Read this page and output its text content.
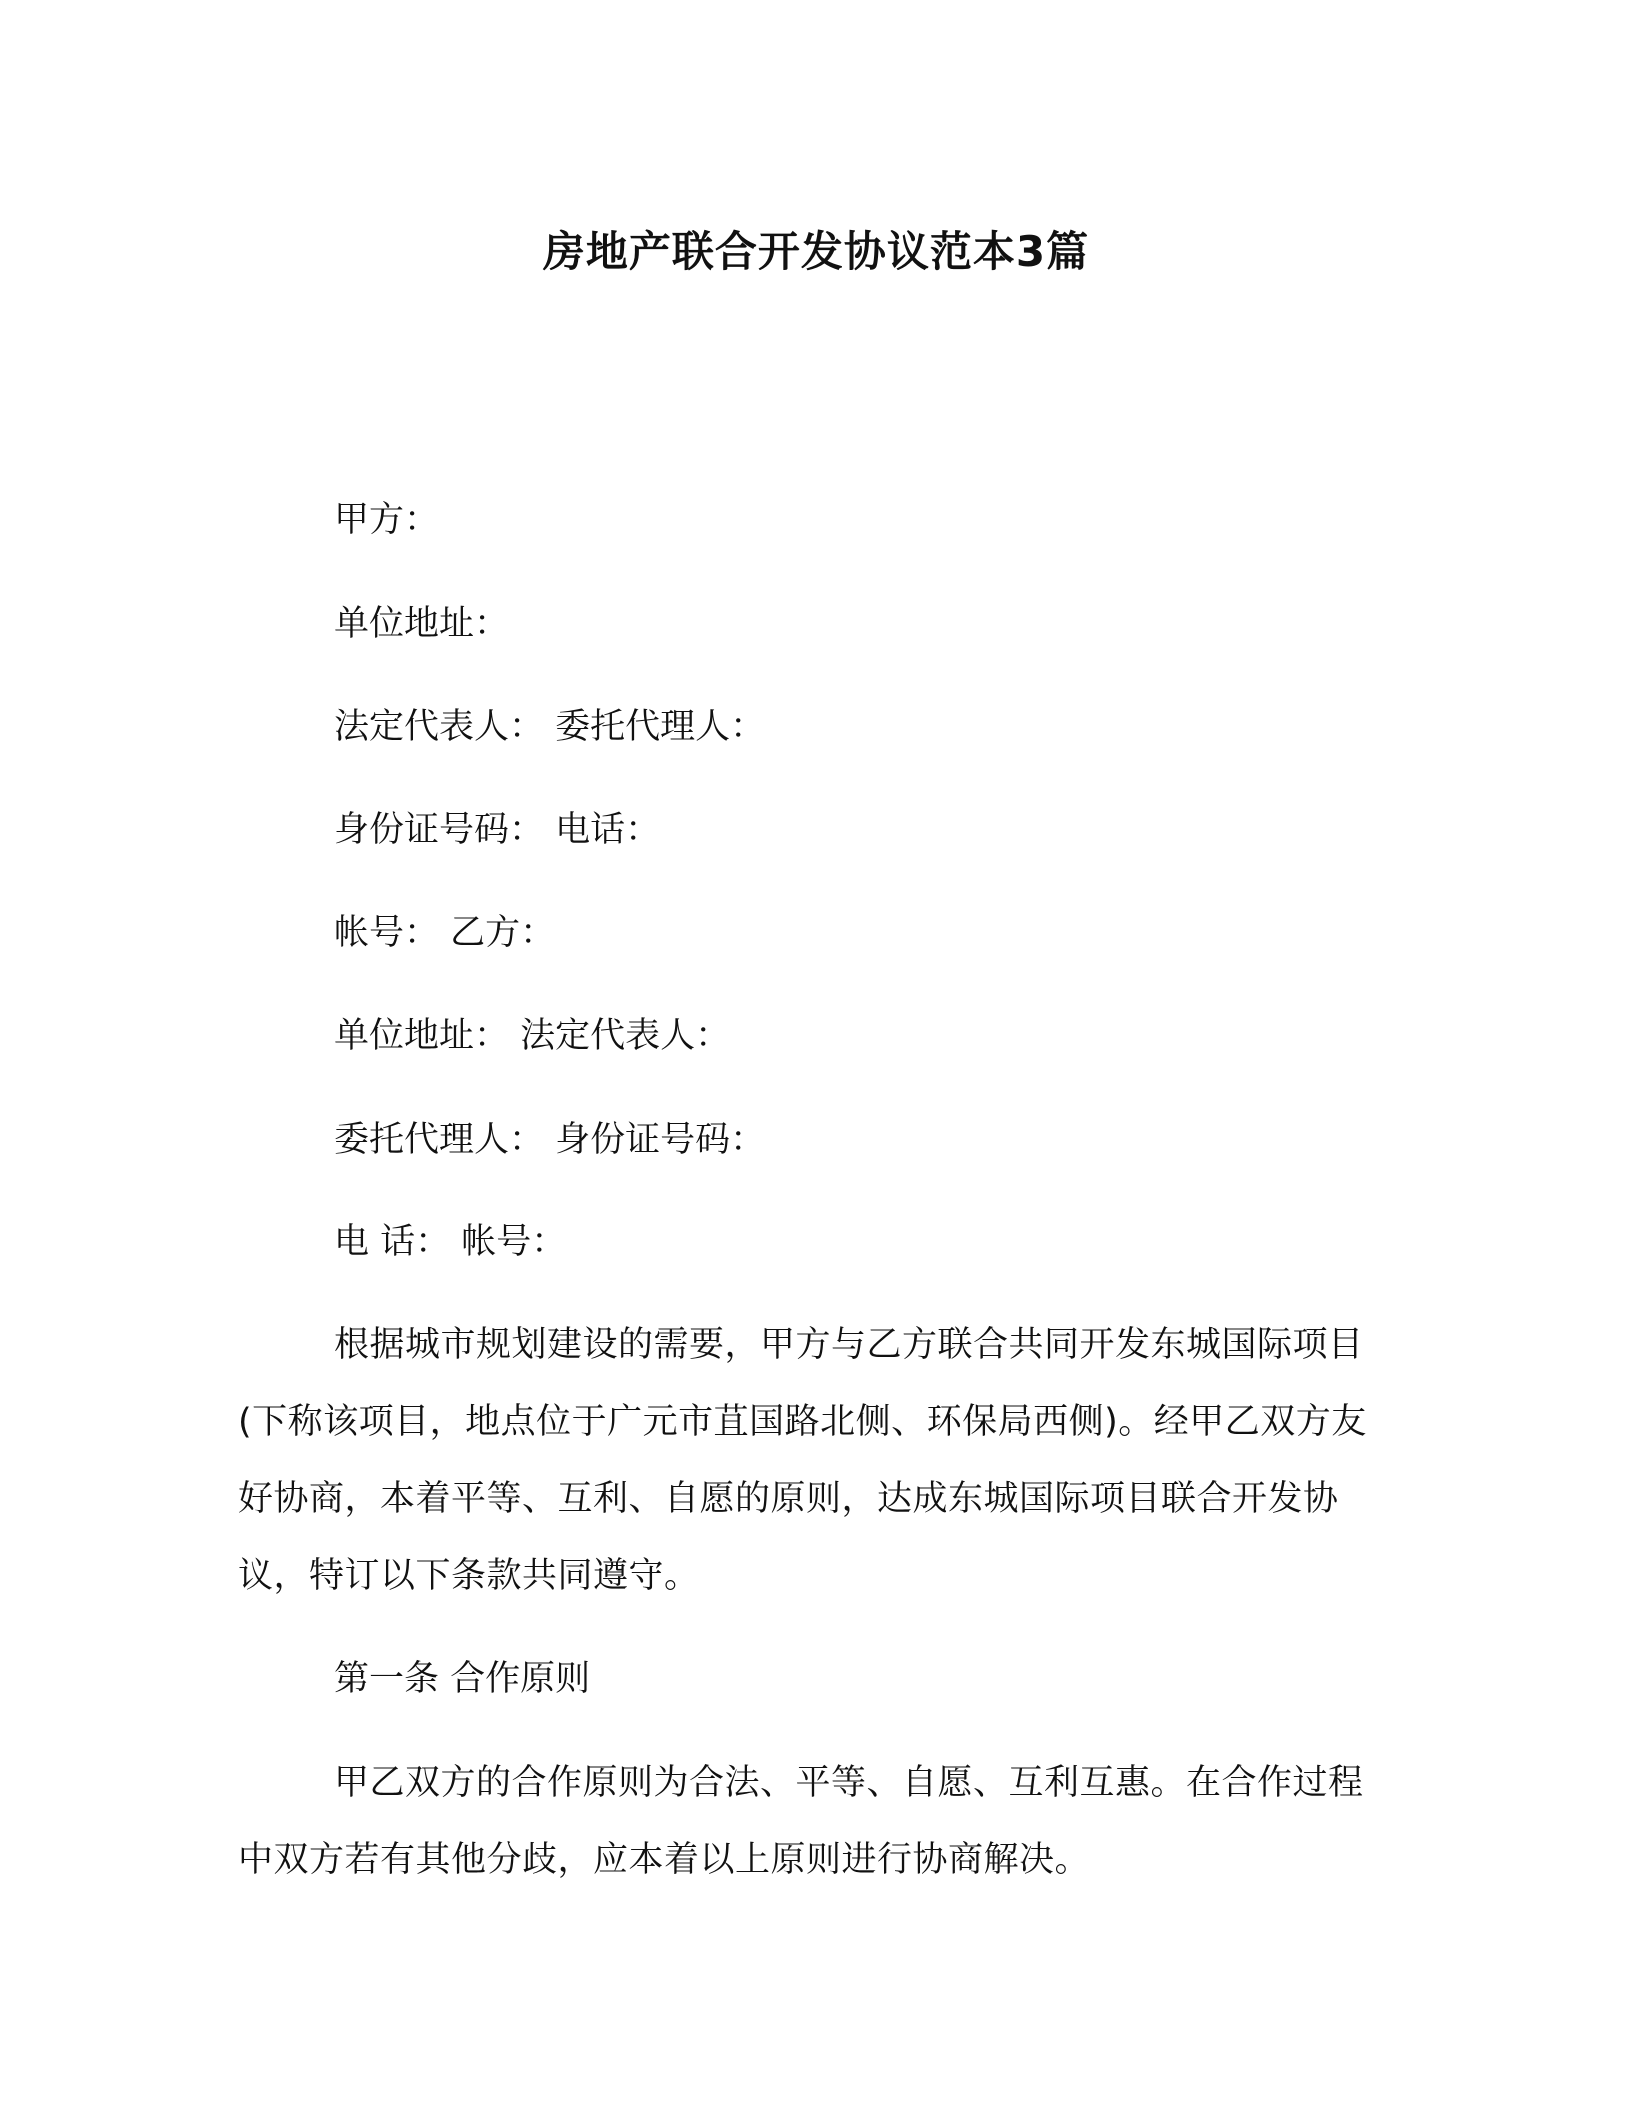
房地产联合开发协议范本3篇
甲方：
单位地址：
法定代表人： 委托代理人：
身份证号码： 电话：
帐号： 乙方：
单位地址： 法定代表人：
委托代理人： 身份证号码：
电 话： 帐号：
根据城市规划建设的需要，甲方与乙方联合共同开发东城国际项目(下称该项目，地点位于广元市苴国路北侧、环保局西侧)。经甲乙双方友好协商，本着平等、互利、自愿的原则，达成东城国际项目联合开发协议，特订以下条款共同遵守。
第一条 合作原则
甲乙双方的合作原则为合法、平等、自愿、互利互惠。在合作过程中双方若有其他分歧，应本着以上原则进行协商解决。
